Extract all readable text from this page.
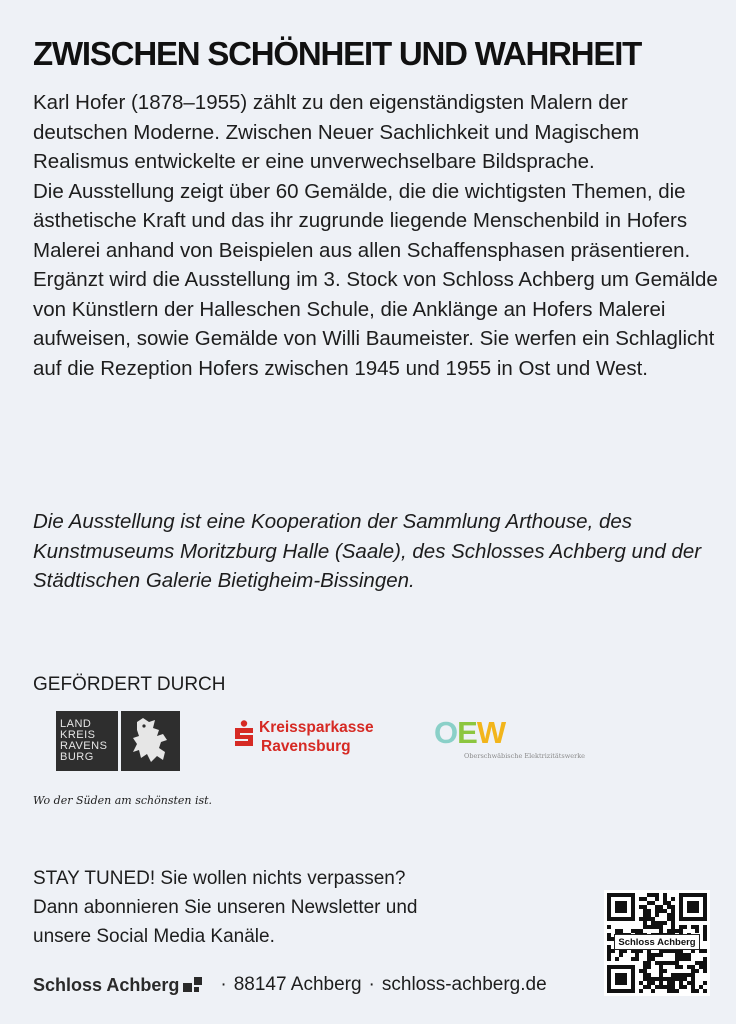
ZWISCHEN SCHÖNHEIT UND WAHRHEIT

Karl Hofer (1878–1955) zählt zu den eigenständigsten Malern der deutschen Moderne. Zwischen Neuer Sachlichkeit und Magischem Realismus entwickelte er eine unverwechselbare Bildsprache.

Die Ausstellung zeigt über 60 Gemälde, die die wichtigsten Themen, die ästhetische Kraft und das ihr zugrunde liegende Menschenbild in Hofers Malerei anhand von Beispielen aus allen Schaffensphasen präsentieren.

Ergänzt wird die Ausstellung im 3. Stock von Schloss Achberg um Gemälde von Künstlern der Halleschen Schule, die Anklänge an Hofers Malerei aufweisen, sowie Gemälde von Willi Baumeister. Sie werfen ein Schlaglicht auf die Rezeption Hofers zwischen 1945 und 1955 in Ost und West.

Die Ausstellung ist eine Kooperation der Sammlung Arthouse, des Kunstmuseums Moritzburg Halle (Saale), des Schlosses Achberg und der Städtischen Galerie Bietigheim-Bissingen.
GEFÖRDERT DURCH
LAND
KREIS
RAVENS
BURG
Wo der Süden am schönsten ist.
Kreissparkasse
Ravensburg	OEW
Oberschwäbische Elektrizitätswerke
STAY TUNED! Sie wollen nichts verpassen?
Dann abonnieren Sie unseren Newsletter und
unsere Social Media Kanäle.
Schloss Achberg · 88147 Achberg · schloss-achberg.de
Schloss Achberg
